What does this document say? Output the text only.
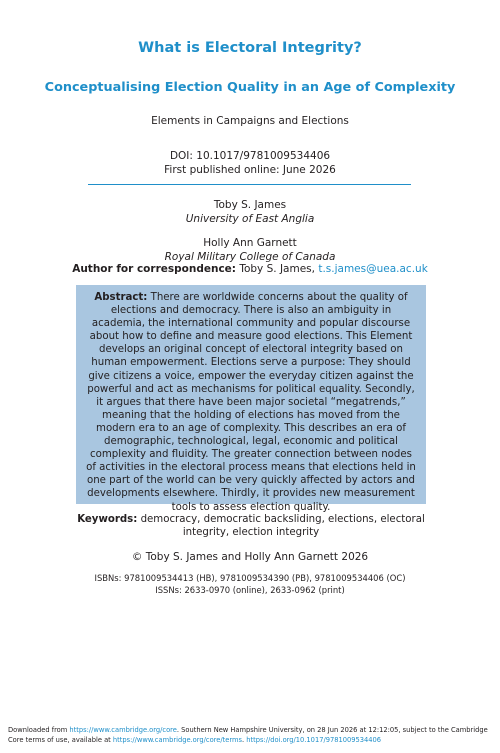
What is Electoral Integrity?
Conceptualising Election Quality in an Age of Complexity
Elements in Campaigns and Elections
DOI: 10.1017/9781009534406
First published online: June 2026
Toby S. James
University of East Anglia
Holly Ann Garnett
Royal Military College of Canada
Author for correspondence: Toby S. James, t.s.james@uea.ac.uk
Abstract: There are worldwide concerns about the quality of elections and democracy. There is also an ambiguity in academia, the international community and popular discourse about how to define and measure good elections. This Element develops an original concept of electoral integrity based on human empowerment. Elections serve a purpose: They should give citizens a voice, empower the everyday citizen against the powerful and act as mechanisms for political equality. Secondly, it argues that there have been major societal “megatrends,” meaning that the holding of elections has moved from the modern era to an age of complexity. This describes an era of demographic, technological, legal, economic and political complexity and fluidity. The greater connection between nodes of activities in the electoral process means that elections held in one part of the world can be very quickly affected by actors and developments elsewhere. Thirdly, it provides new measurement tools to assess election quality.
Keywords: democracy, democratic backsliding, elections, electoral integrity, election integrity
© Toby S. James and Holly Ann Garnett 2026
ISBNs: 9781009534413 (HB), 9781009534390 (PB), 9781009534406 (OC)
ISSNs: 2633-0970 (online), 2633-0962 (print)
Downloaded from https://www.cambridge.org/core. Southern New Hampshire University, on 28 Jun 2026 at 12:12:05, subject to the Cambridge Core terms of use, available at https://www.cambridge.org/core/terms. https://doi.org/10.1017/9781009534406
